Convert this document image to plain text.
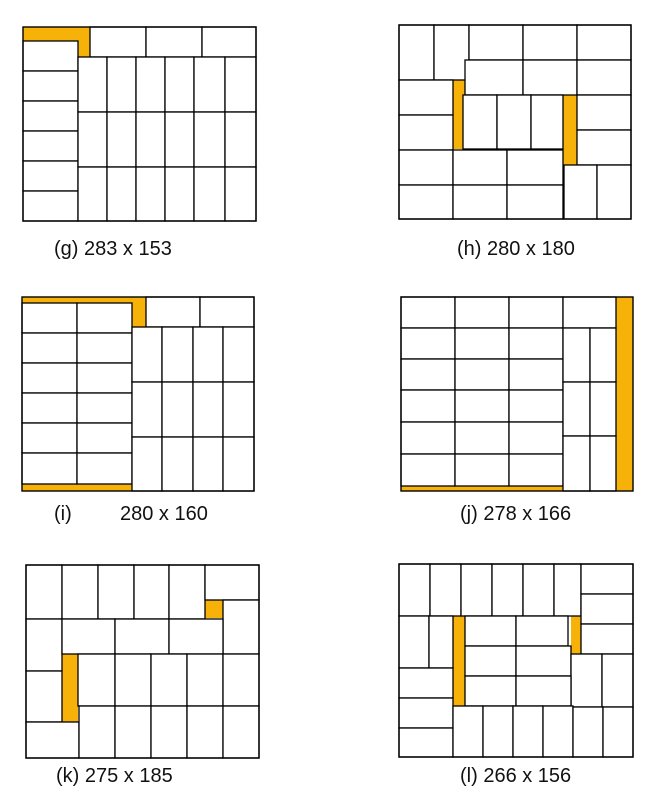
(g) 283 x 153	(h) 280 x 180
(i) 280 x 160	(j) 278 x 166
(k) 275 x 185	(l) 266 x 156
